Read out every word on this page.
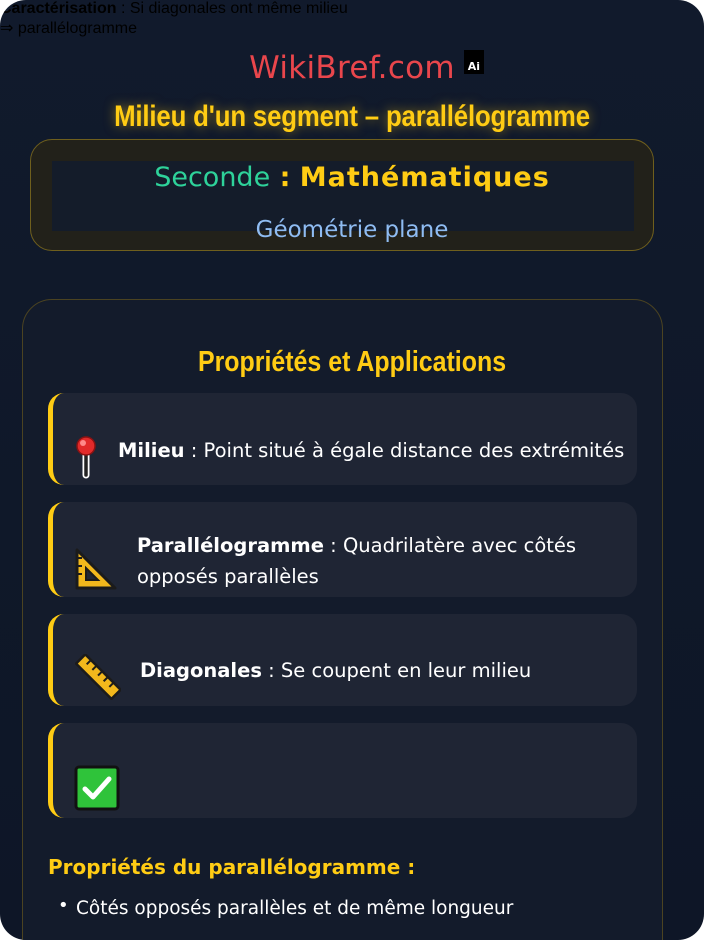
WikiBref.com	Ai
Milieu d'un segment – parallélogramme
Seconde : Mathématiques
Géométrie plane
Propriétés et Applications
Milieu : Point situé à égale distance des extrémités
Parallélogramme : Quadrilatère avec côtés
opposés parallèles
Diagonales : Se coupent en leur milieu
Caractérisation : Si diagonales ont même milieu
⇒ parallélogramme
Propriétés du parallélogramme :
• Côtés opposés parallèles et de même longueur
